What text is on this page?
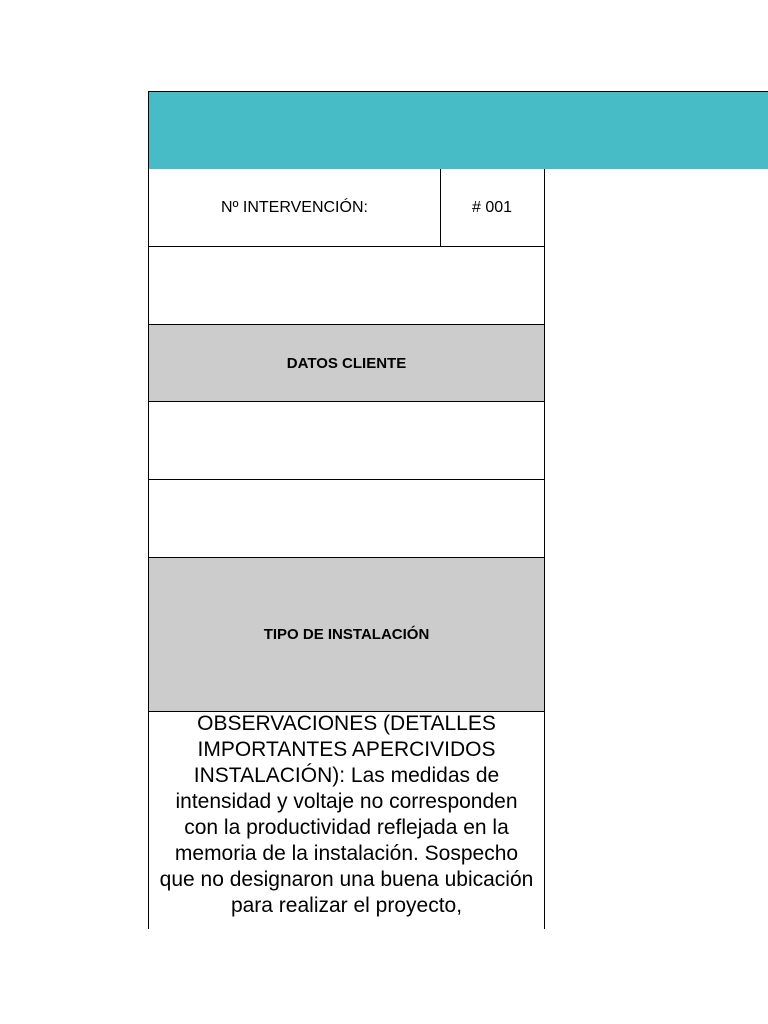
Nº INTERVENCIÓN:	# 001
DATOS CLIENTE
TIPO DE INSTALACIÓN
OBSERVACIONES (DETALLES IMPORTANTES APERCIVIDOS INSTALACIÓN): Las medidas de intensidad y voltaje no corresponden con la productividad reflejada en la memoria de la instalación. Sospecho que no designaron una buena ubicación para realizar el proyecto,
